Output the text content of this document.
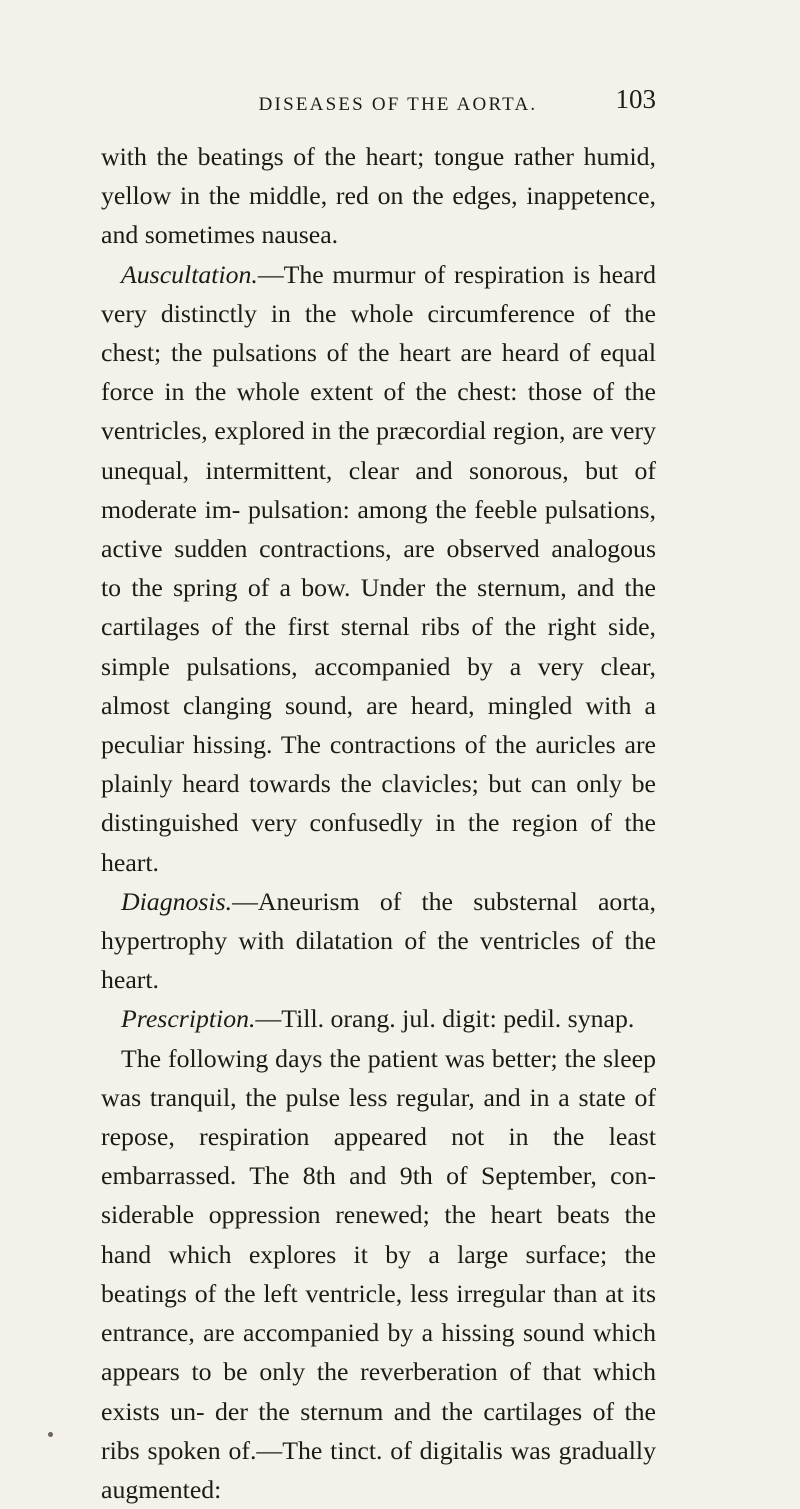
DISEASES OF THE AORTA.	103

with the beatings of the heart; tongue rather humid, yellow in the middle, red on the edges, inappetence, and sometimes nausea.

Auscultation.—The murmur of respiration is heard very distinctly in the whole circumference of the chest; the pulsations of the heart are heard of equal force in the whole extent of the chest: those of the ventricles, explored in the præcordial region, are very unequal, intermittent, clear and sonorous, but of moderate im- pulsation: among the feeble pulsations, active sudden contractions, are observed analogous to the spring of a bow. Under the sternum, and the cartilages of the first sternal ribs of the right side, simple pulsations, accompanied by a very clear, almost clanging sound, are heard, mingled with a peculiar hissing. The contractions of the auricles are plainly heard towards the clavicles; but can only be distinguished very confusedly in the region of the heart.

Diagnosis.—Aneurism of the substernal aorta, hypertrophy with dilatation of the ventricles of the heart.

Prescription.—Till. orang. jul. digit: pedil. synap.

The following days the patient was better; the sleep was tranquil, the pulse less regular, and in a state of repose, respiration appeared not in the least embarrassed. The 8th and 9th of September, con- siderable oppression renewed; the heart beats the hand which explores it by a large surface; the beatings of the left ventricle, less irregular than at its entrance, are accompanied by a hissing sound which appears to be only the reverberation of that which exists un- der the sternum and the cartilages of the ribs spoken of.—The tinct. of digitalis was gradually augmented:
